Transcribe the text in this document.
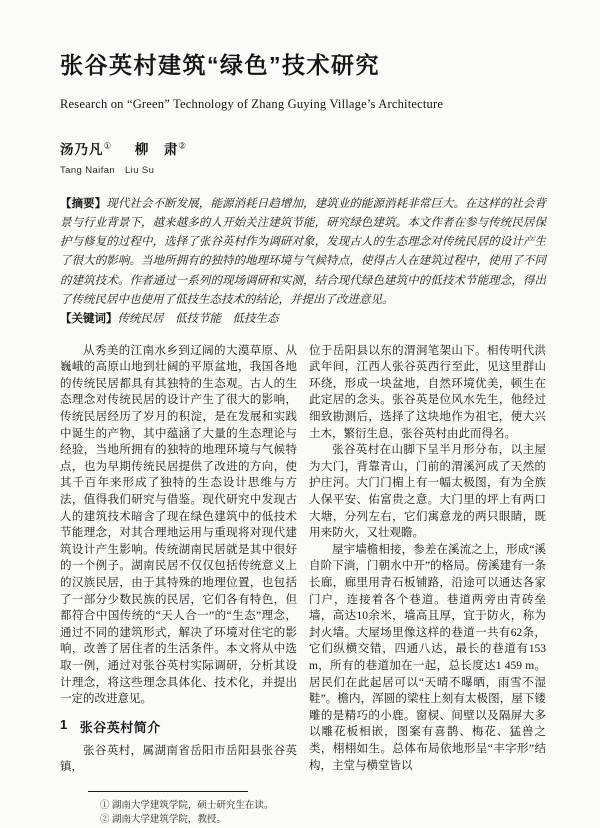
张谷英村建筑“绿色”技术研究
Research on “Green” Technology of Zhang Guying Village’s Architecture
汤乃凡① 柳　肃②
Tang Naifan　Liu Su
【摘要】现代社会不断发展，能源消耗日趋增加，建筑业的能源消耗非常巨大。在这样的社会背景与行业背景下，越来越多的人开始关注建筑节能，研究绿色建筑。本文作者在参与传统民居保护与修复的过程中，选择了张谷英村作为调研对象，发现古人的生态理念对传统民居的设计产生了很大的影响。当地所拥有的独特的地理环境与气候特点，使得古人在建筑过程中，使用了不同的建筑技术。作者通过一系列的现场调研和实测，结合现代绿色建筑中的低技术节能理念，得出了传统民居中也使用了低技生态技术的结论，并提出了改进意见。
【关键词】传统民居　低技节能　低技生态

从秀美的江南水乡到辽阔的大漠草原、从巍峨的高原山地到壮阔的平原盆地，我国各地的传统民居都具有其独特的生态观。古人的生态理念对传统民居的设计产生了很大的影响，传统民居经历了岁月的积淀，是在发展和实践中诞生的产物，其中蕴涵了大量的生态理论与经验，当地所拥有的独特的地理环境与气候特点，也为早期传统民居提供了改进的方向，使其千百年来形成了独特的生态设计思维与方法，值得我们研究与借鉴。现代研究中发现古人的建筑技术暗含了现在绿色建筑中的低技术节能理念，对其合理地运用与重现将对现代建筑设计产生影响。传统湖南民居就是其中很好的一个例子。湖南民居不仅仅包括传统意义上的汉族民居，由于其特殊的地理位置，也包括了一部分少数民族的民居，它们各有特色，但都符合中国传统的“天人合一”的“生态”理念，通过不同的建筑形式，解决了环境对住宅的影响，改善了居住者的生活条件。本文将从中选取一例，通过对张谷英村实际调研，分析其设计理念，将这些理念具体化、技术化，并提出一定的改进意见。

1 张谷英村简介

张谷英村，属湖南省岳阳市岳阳县张谷英镇，

① 湖南大学建筑学院，硕士研究生在读。
② 湖南大学建筑学院，教授。

位于岳阳县以东的渭洞笔架山下。相传明代洪武年间，江西人张谷英西行至此，见这里群山环绕，形成一块盆地，自然环境优美，顿生在此定居的念头。张谷英是位风水先生，他经过细致勘测后，选择了这块地作为祖宅，便大兴土木，繁衍生息，张谷英村由此而得名。

张谷英村在山脚下呈半月形分布，以主屋为大门，背靠青山，门前的渭溪河成了天然的护庄河。大门门楣上有一幅太极图，有为全族人保平安、佑富贵之意。大门里的坪上有两口大塘，分列左右，它们寓意龙的两只眼睛，既用来防火，又壮观瞻。

屋宇墙檐相接，参差在溪流之上，形成“溪自阶下淌，门朝水中开”的格局。傍溪建有一条长廊，廊里用青石板铺路，沿途可以通达各家门户，连接着各个巷道。巷道两旁由青砖垒墙，高达10余米，墙高且厚，宜于防火，称为封火墙。大屋场里像这样的巷道一共有62条，它们纵横交错，四通八达，最长的巷道有153 m，所有的巷道加在一起，总长度达1 459 m。居民们在此起居可以“天晴不曝晒，雨雪不湿鞋”。檐内，浑圆的梁柱上刻有太极图，屋下镂雕的是精巧的小鹿。窗棂、间壁以及隔屏大多以雕花板相嵌，图案有喜鹊、梅花、猛兽之类，栩栩如生。总体布局依地形呈“丰字形”结构，主堂与横堂皆以
